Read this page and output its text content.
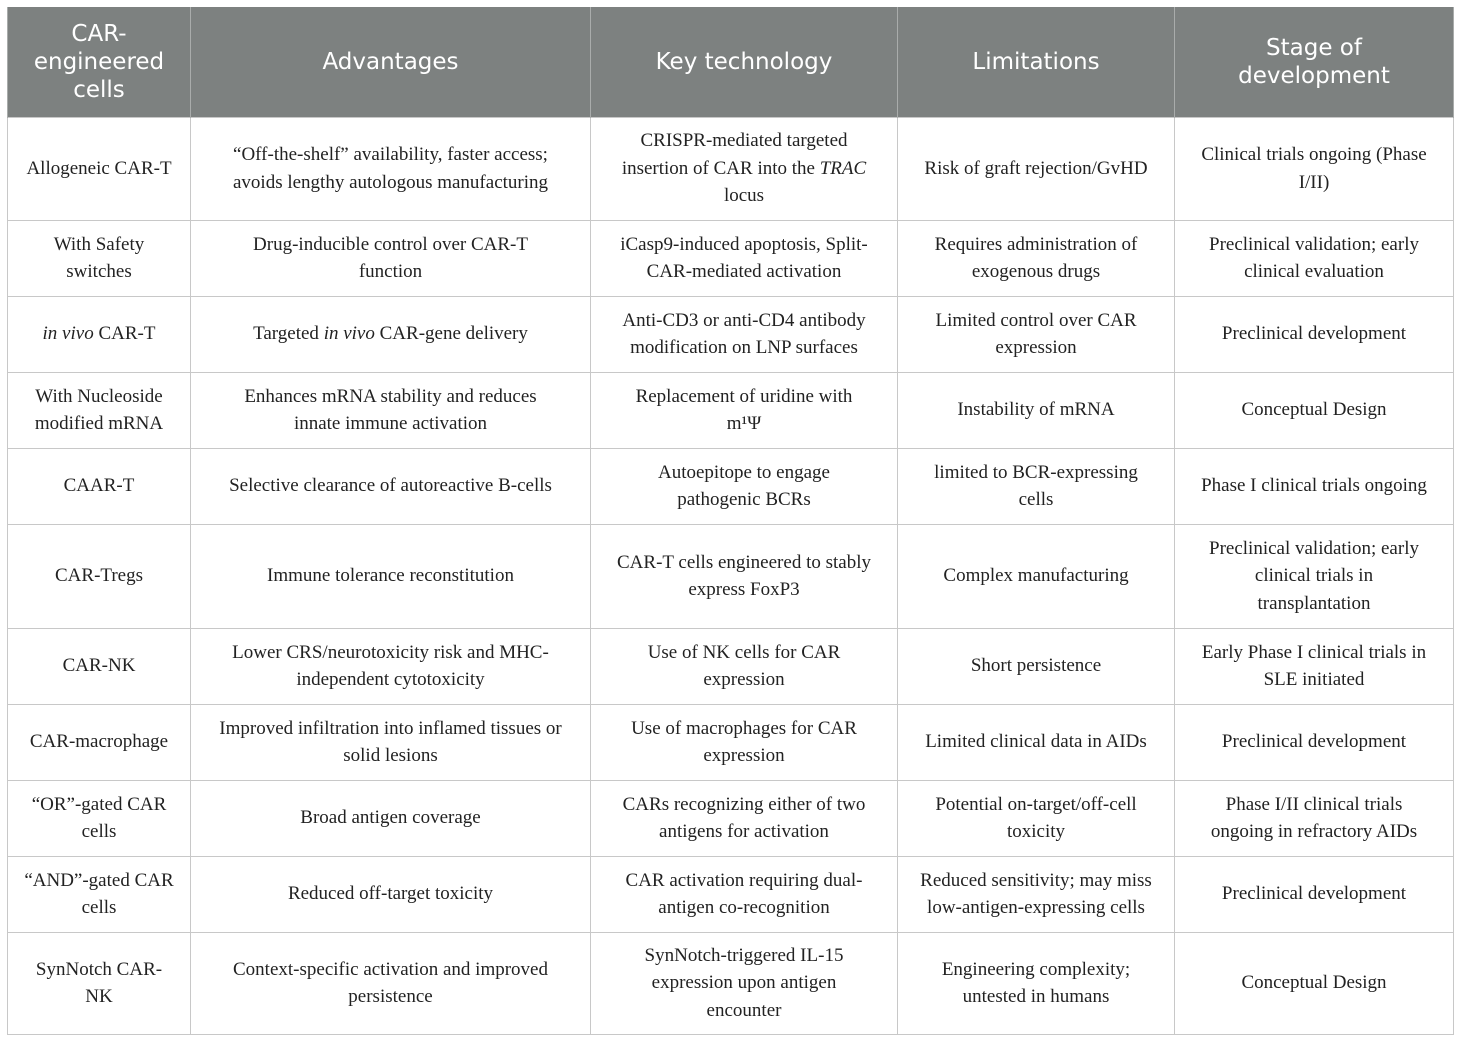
CAR-engineered cells	Advantages	Key technology	Limitations	Stage of development
Allogeneic CAR-T	“Off-the-shelf” availability, faster access; avoids lengthy autologous manufacturing	CRISPR-mediated targeted insertion of CAR into the TRAC locus	Risk of graft rejection/GvHD	Clinical trials ongoing (Phase I/II)
With Safety switches	Drug-inducible control over CAR-T function	iCasp9-induced apoptosis, Split-CAR-mediated activation	Requires administration of exogenous drugs	Preclinical validation; early clinical evaluation
in vivo CAR-T	Targeted in vivo CAR-gene delivery	Anti-CD3 or anti-CD4 antibody modification on LNP surfaces	Limited control over CAR expression	Preclinical development
With Nucleoside modified mRNA	Enhances mRNA stability and reduces innate immune activation	Replacement of uridine with m¹Ψ	Instability of mRNA	Conceptual Design
CAAR-T	Selective clearance of autoreactive B-cells	Autoepitope to engage pathogenic BCRs	limited to BCR-expressing cells	Phase I clinical trials ongoing
CAR-Tregs	Immune tolerance reconstitution	CAR-T cells engineered to stably express FoxP3	Complex manufacturing	Preclinical validation; early clinical trials in transplantation
CAR-NK	Lower CRS/neurotoxicity risk and MHC-independent cytotoxicity	Use of NK cells for CAR expression	Short persistence	Early Phase I clinical trials in SLE initiated
CAR-macrophage	Improved infiltration into inflamed tissues or solid lesions	Use of macrophages for CAR expression	Limited clinical data in AIDs	Preclinical development
“OR”-gated CAR cells	Broad antigen coverage	CARs recognizing either of two antigens for activation	Potential on-target/off-cell toxicity	Phase I/II clinical trials ongoing in refractory AIDs
“AND”-gated CAR cells	Reduced off-target toxicity	CAR activation requiring dual-antigen co-recognition	Reduced sensitivity; may miss low-antigen-expressing cells	Preclinical development
SynNotch CAR-NK	Context-specific activation and improved persistence	SynNotch-triggered IL-15 expression upon antigen encounter	Engineering complexity; untested in humans	Conceptual Design
